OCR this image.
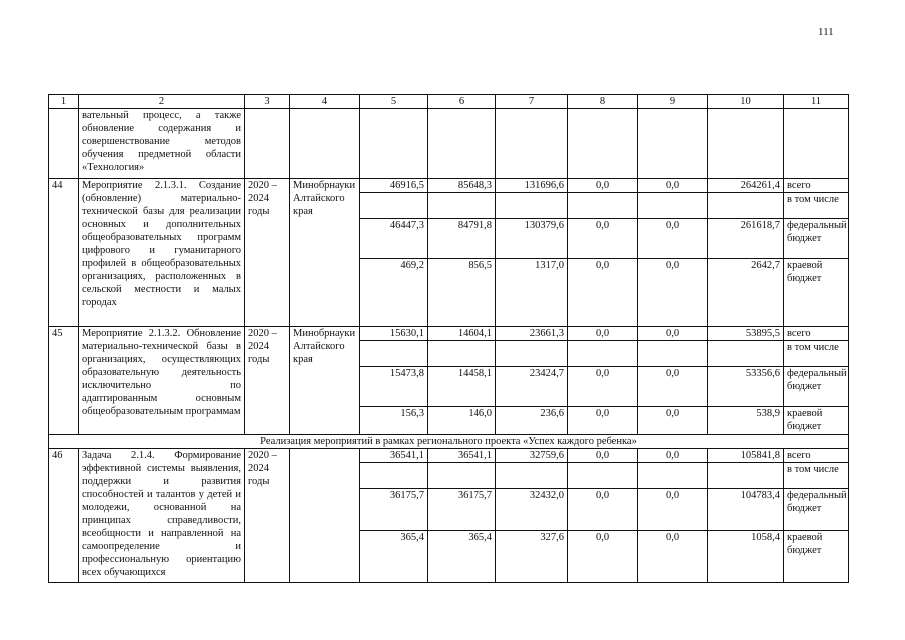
111
1	2	3	4	5	6	7	8	9	10	11
	вательный процесс, а также обновление содержания и совершенствование методов обучения предметной области «Технология»									
44	Мероприятие 2.1.3.1. Создание (обновление) материально-технической базы для реализации основных и дополнительных общеобразовательных программ цифрового и гуманитарного профилей в общеобразовательных организациях, расположенных в сельской местности и малых городах	2020 – 2024 годы	Минобрнауки Алтайского края	46916,5	85648,3	131696,6	0,0	0,0	264261,4	всего
										в том числе
				46447,3	84791,8	130379,6	0,0	0,0	261618,7	федеральный бюджет
				469,2	856,5	1317,0	0,0	0,0	2642,7	краевой бюджет
45	Мероприятие 2.1.3.2. Обновление материально-технической базы в организациях, осуществляющих образовательную деятельность исключительно по адаптированным основным общеобразовательным программам	2020 – 2024 годы	Минобрнауки Алтайского края	15630,1	14604,1	23661,3	0,0	0,0	53895,5	всего
										в том числе
				15473,8	14458,1	23424,7	0,0	0,0	53356,6	федеральный бюджет
				156,3	146,0	236,6	0,0	0,0	538,9	краевой бюджет
Реализация мероприятий в рамках регионального проекта «Успех каждого ребенка»										
46	Задача 2.1.4. Формирование эффективной системы выявления, поддержки и развития способностей и талантов у детей и молодежи, основанной на принципах справедливости, всеобщности и направленной на самоопределение и профессиональную ориентацию всех обучающихся	2020 – 2024 годы		36541,1	36541,1	32759,6	0,0	0,0	105841,8	всего
										в том числе
				36175,7	36175,7	32432,0	0,0	0,0	104783,4	федеральный бюджет
				365,4	365,4	327,6	0,0	0,0	1058,4	краевой бюджет
